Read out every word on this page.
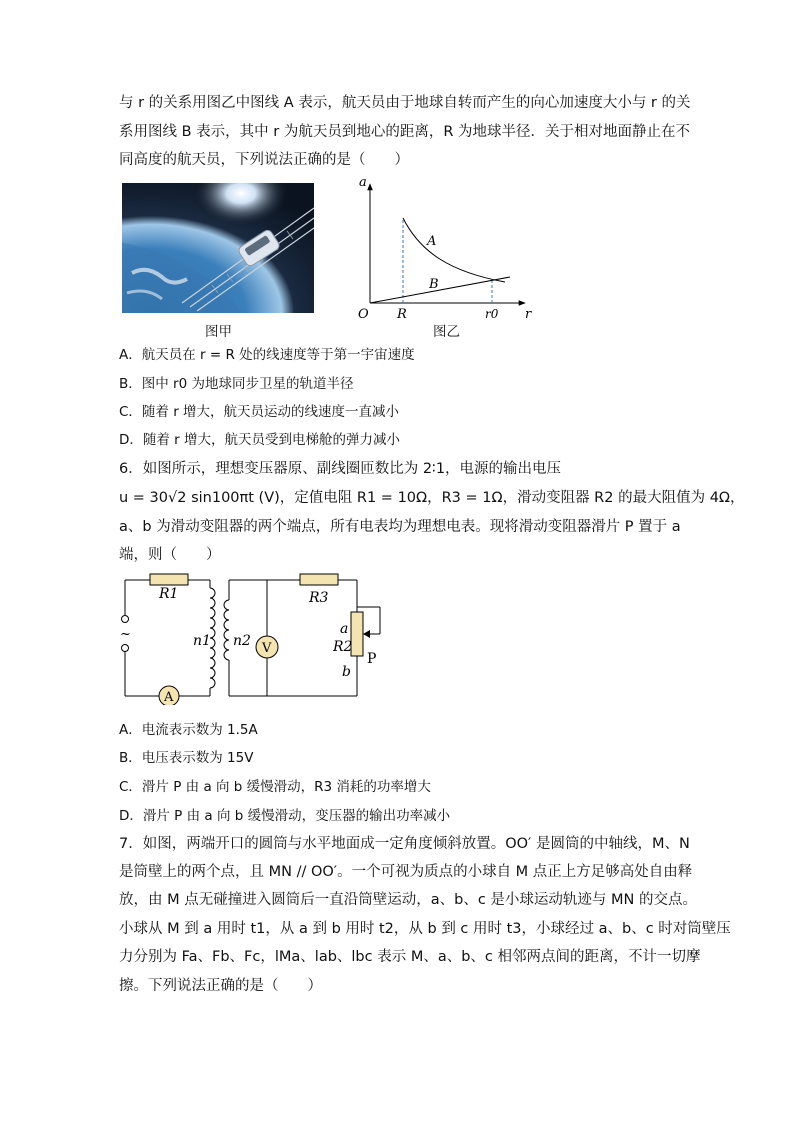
与 r 的关系用图乙中图线 A 表示，航天员由于地球自转而产生的向心加速度大小与 r 的关
系用图线 B 表示，其中 r 为航天员到地心的距离，R 为地球半径．关于相对地面静止在不
同高度的航天员，下列说法正确的是（　　）
图甲
a
r
O
A
B
R	r0
图乙
A．航天员在 r = R 处的线速度等于第一宇宙速度
B．图中 r0 为地球同步卫星的轨道半径
C．随着 r 增大，航天员运动的线速度一直减小
D．随着 r 增大，航天员受到电梯舱的弹力减小
6．如图所示，理想变压器原、副线圈匝数比为 2∶1，电源的输出电压
u = 30√2 sin100πt (V)，定值电阻 R1 = 10Ω，R3 = 1Ω，滑动变阻器 R2 的最大阻值为 4Ω，
a、b 为滑动变阻器的两个端点，所有电表均为理想电表。现将滑动变阻器滑片 P 置于 a
端，则（　　）
~
V
A
R1	R3
R2
n1 n2
a
b
P
A．电流表示数为 1.5A
B．电压表示数为 15V
C．滑片 P 由 a 向 b 缓慢滑动，R3 消耗的功率增大
D．滑片 P 由 a 向 b 缓慢滑动，变压器的输出功率减小
7．如图，两端开口的圆筒与水平地面成一定角度倾斜放置。OO′ 是圆筒的中轴线，M、N
是筒壁上的两个点，且 MN // OO′。一个可视为质点的小球自 M 点正上方足够高处自由释
放，由 M 点无碰撞进入圆筒后一直沿筒壁运动，a、b、c 是小球运动轨迹与 MN 的交点。
小球从 M 到 a 用时 t1，从 a 到 b 用时 t2，从 b 到 c 用时 t3，小球经过 a、b、c 时对筒壁压
力分别为 Fa、Fb、Fc，lMa、lab、lbc 表示 M、a、b、c 相邻两点间的距离，不计一切摩
擦。下列说法正确的是（　　）
